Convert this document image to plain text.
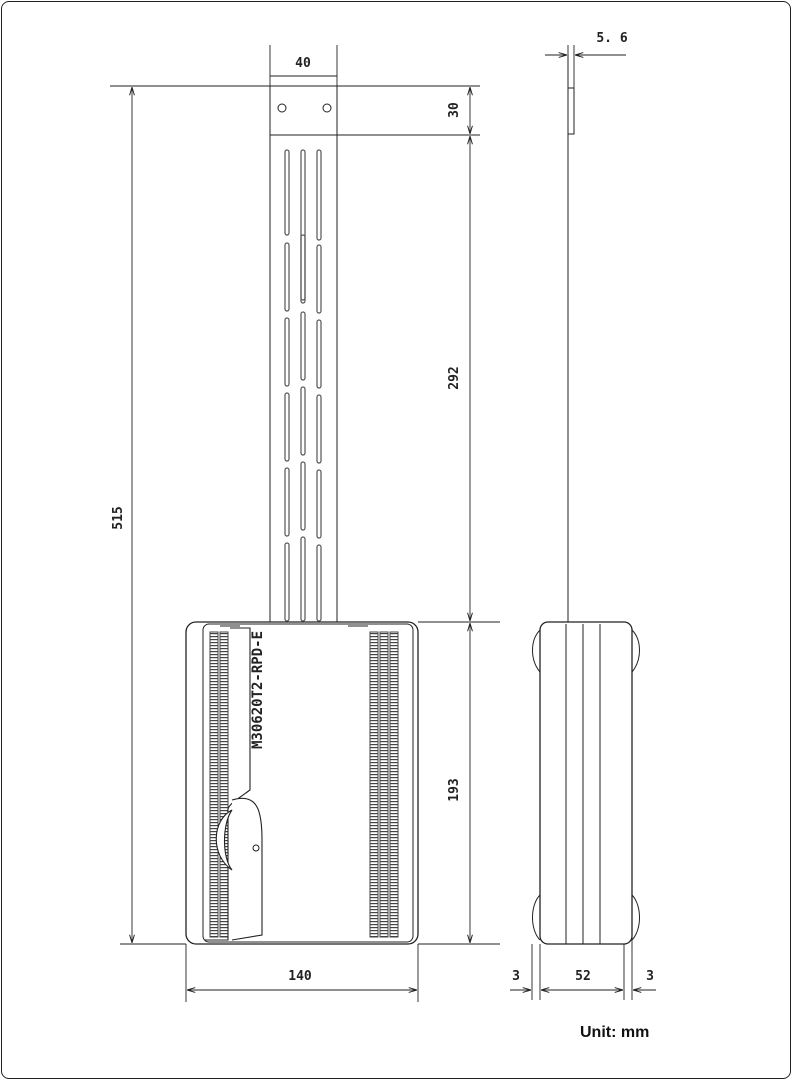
40
5. 6
30
292
193
515
140	3	52	3
M30620T2-RPD-E
Unit: mm
